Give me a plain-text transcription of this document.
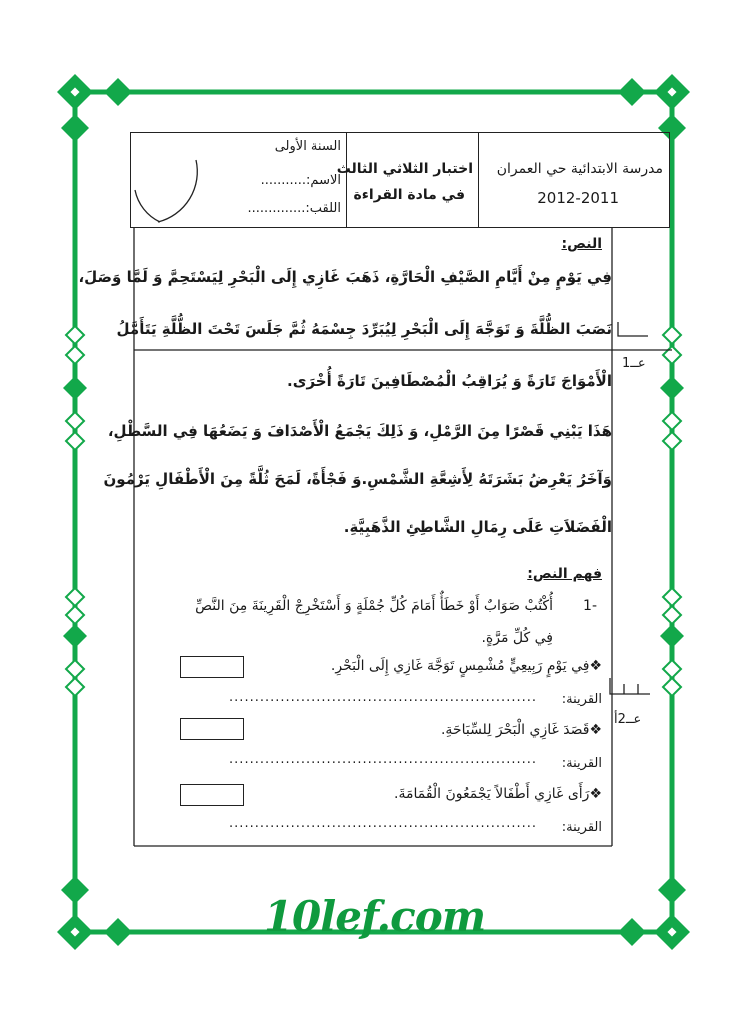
مدرسة الابتدائية حي العمران
2012-2011
اختبار الثلاثي الثالث
في مادة القراءة
السنة الأولى
الاسم:...........
اللقب:..............
النص:
فِي يَوْمٍ مِنْ أَيَّامِ الصَّيْفِ الْحَارَّةِ، ذَهَبَ غَازِي إِلَى الْبَحْرِ لِيَسْتَحِمَّ وَ لَمَّا وَصَلَ،
نَصَبَ الظُّلَّةَ وَ تَوَجَّهَ إِلَى الْبَحْرِ لِيُبَرِّدَ جِسْمَهُ ثُمَّ جَلَسَ تَحْتَ الظُّلَّةِ يَتَأَمَّلُ
الْأَمْوَاجَ تَارَةً وَ يُرَاقِبُ الْمُصْطَافِينَ تَارَةً أُخْرَى.
هَذَا يَبْنِي قَصْرًا مِنَ الرَّمْلِ، وَ ذَلِكَ يَجْمَعُ الْأَصْدَافَ وَ يَضَعُهَا فِي السَّطْلِ،
وَآخَرُ يَعْرِضُ بَشَرَتَهُ لِأَشِعَّةِ الشَّمْسِ.وَ فَجْأَةً، لَمَحَ ثُلَّةً مِنَ الْأَطْفَالِ يَرْمُونَ
الْفَضَلاَتِ عَلَى رِمَالِ الشَّاطِئِ الذَّهَبِيَّةِ.
فهم النص:
1-
أُكْتُبْ صَوَابٌ أَوْ خَطَأٌ أَمَامَ كُلِّ جُمْلَةٍ وَ أَسْتَخْرِجْ الْقَرِينَةَ مِنَ النَّصِّ
فِي كُلِّ مَرَّةٍ.
❖فِي يَوْمٍ رَبِيعِيٍّ مُشْمِسٍ تَوَجَّهَ غَازِي إِلَى الْبَحْرِ.
القرينة:
............................................................
❖قَصَدَ غَازِي الْبَحْرَ لِلسِّبَاحَةِ.
القرينة:
............................................................
❖رَأَى غَازِي أَطْفَالاً يَجْمَعُونَ الْقُمَامَةَ.
القرينة:
............................................................
عــ1
عــ2أ
10lef.com
